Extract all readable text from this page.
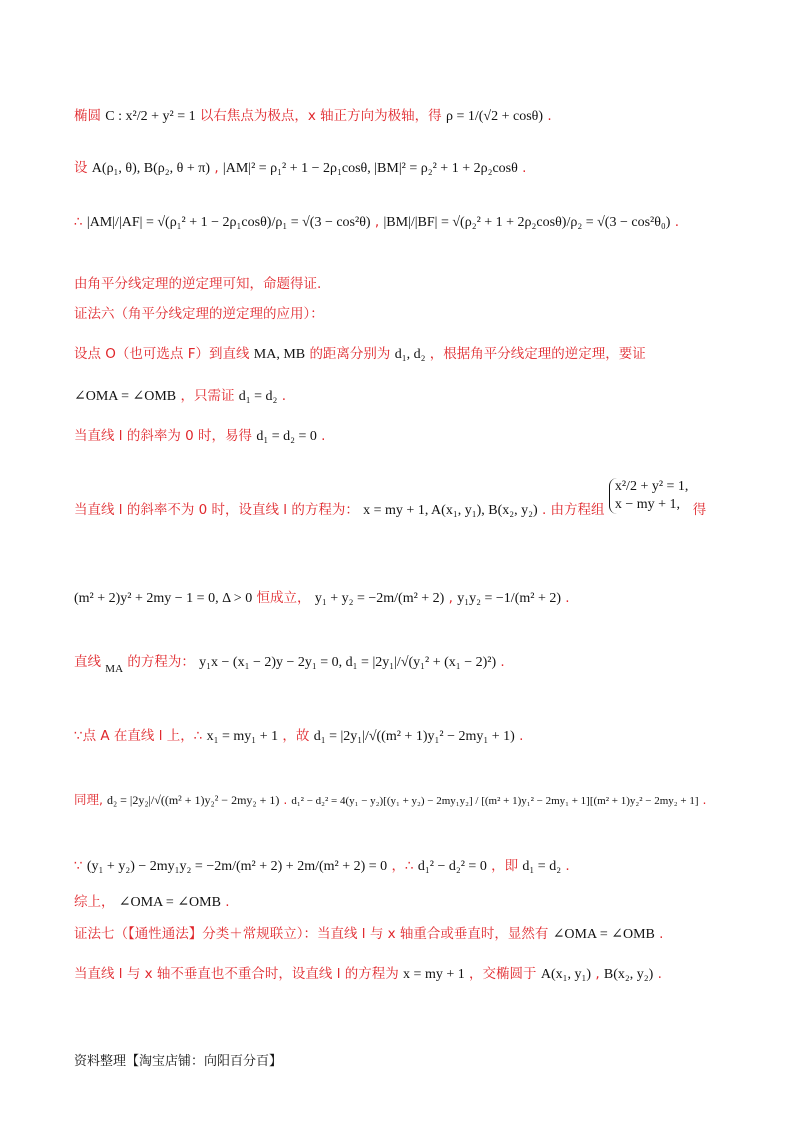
椭圆 C : x²/2 + y² = 1 以右焦点为极点，x 轴正方向为极轴，得 ρ = 1/(√2 + cosθ) .
设 A(ρ₁, θ), B(ρ₂, θ + π) , |AM|² = ρ₁² + 1 − 2ρ₁cosθ, |BM|² = ρ₂² + 1 + 2ρ₂cosθ .
∴ |AM|/|AF| = √(ρ₁² + 1 − 2ρ₁cosθ)/ρ₁ = √(3 − cos²θ) , |BM|/|BF| = √(ρ₂² + 1 + 2ρ₂cosθ)/ρ₂ = √(3 − cos²θ₀) .
由角平分线定理的逆定理可知，命题得证.
证法六（角平分线定理的逆定理的应用）：
设点 O（也可选点 F）到直线 MA, MB 的距离分别为 d₁, d₂ ，根据角平分线定理的逆定理，要证
∠OMA = ∠OMB ，只需证 d₁ = d₂ .
当直线 l 的斜率为 0 时，易得 d₁ = d₂ = 0 .
当直线 l 的斜率不为 0 时，设直线 l 的方程为： x = my + 1, A(x₁, y₁), B(x₂, y₂) . 由方程组
x²/2 + y² = 1,
x − my + 1, 得
(m² + 2)y² + 2my − 1 = 0, Δ > 0 恒成立， y₁ + y₂ = −2m/(m² + 2) , y₁y₂ = −1/(m² + 2) .
直线 $_{MA}$ 的方程为： y₁x − (x₁ − 2)y − 2y₁ = 0, d₁ = |2y₁|/√(y₁² + (x₁ − 2)²) .
∵点 A 在直线 l 上，∴ x₁ = my₁ + 1 ，故 d₁ = |2y₁|/√((m² + 1)y₁² − 2my₁ + 1) .
同理, d₂ = |2y₂|/√((m² + 1)y₂² − 2my₂ + 1) . d₁² − d₂² = 4(y₁ − y₂)[(y₁ + y₂) − 2my₁y₂] / [(m² + 1)y₁² − 2my₁ + 1][(m² + 1)y₂² − 2my₂ + 1] .
∵ (y₁ + y₂) − 2my₁y₂ = −2m/(m² + 2) + 2m/(m² + 2) = 0 ，∴ d₁² − d₂² = 0 ，即 d₁ = d₂ .
综上， ∠OMA = ∠OMB .
证法七（【通性通法】分类＋常规联立）：当直线 l 与 x 轴重合或垂直时，显然有 ∠OMA = ∠OMB .
当直线 l 与 x 轴不垂直也不重合时，设直线 l 的方程为 x = my + 1 ，交椭圆于 A(x₁, y₁) , B(x₂, y₂) .
资料整理【淘宝店铺：向阳百分百】
